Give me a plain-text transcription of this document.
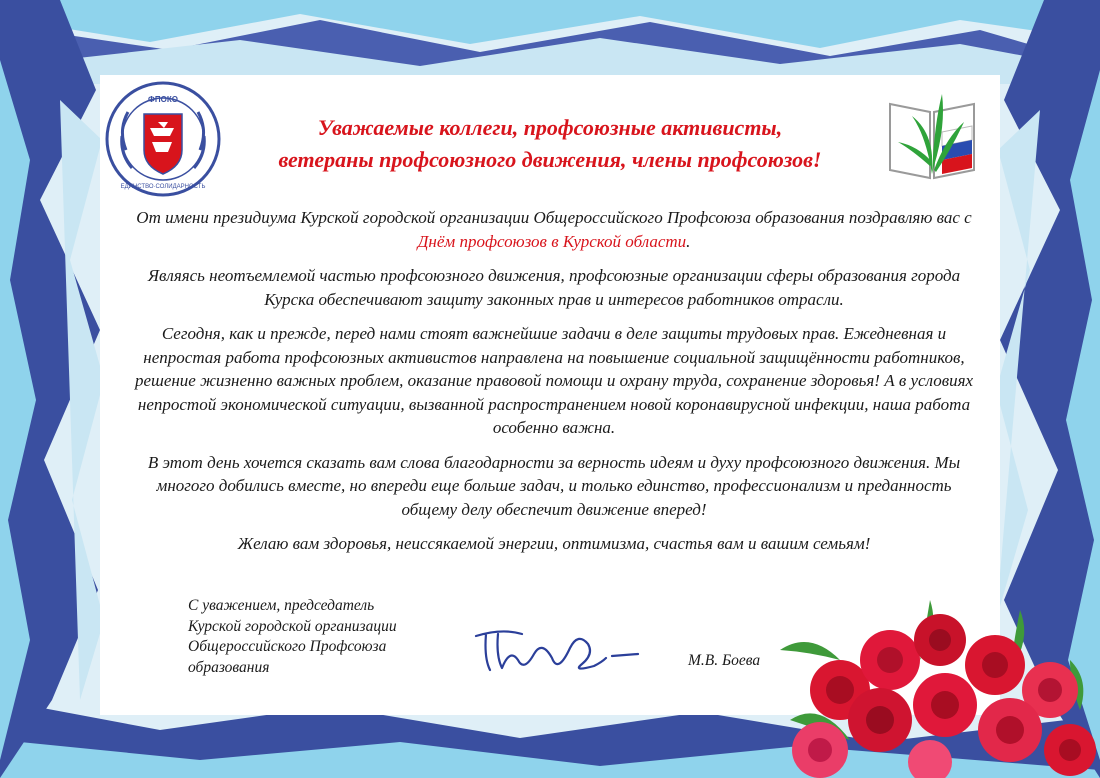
ФПОКО
ЕДИНСТВО·СОЛИДАРНОСТЬ
Уважаемые коллеги, профсоюзные активисты,
ветераны профсоюзного движения, члены профсоюзов!

От имени президиума Курской городской организации Общероссийского Профсоюза образования поздравляю вас с Днём профсоюзов в Курской области.

Являясь неотъемлемой частью профсоюзного движения, профсоюзные организации сферы образования города Курска обеспечивают защиту законных прав и интересов работников отрасли.

Сегодня, как и прежде, перед нами стоят важнейшие задачи в деле защиты трудовых прав. Ежедневная и непростая работа профсоюзных активистов направлена на повышение социальной защищённости работников, решение жизненно важных проблем, оказание правовой помощи и охрану труда, сохранение здоровья! А в условиях непростой экономической ситуации, вызванной распространением новой коронавирусной инфекции, наша работа особенно важна.

В этот день хочется сказать вам слова благодарности за верность идеям и духу профсоюзного движения. Мы многого добились вместе, но впереди еще больше задач, и только единство, профессионализм и преданность общему делу обеспечит движение вперед!

Желаю вам здоровья, неиссякаемой энергии, оптимизма, счастья вам и вашим семьям!

С уважением, председатель
Курской городской организации
Общероссийского Профсоюза
образования	М.В. Боева
